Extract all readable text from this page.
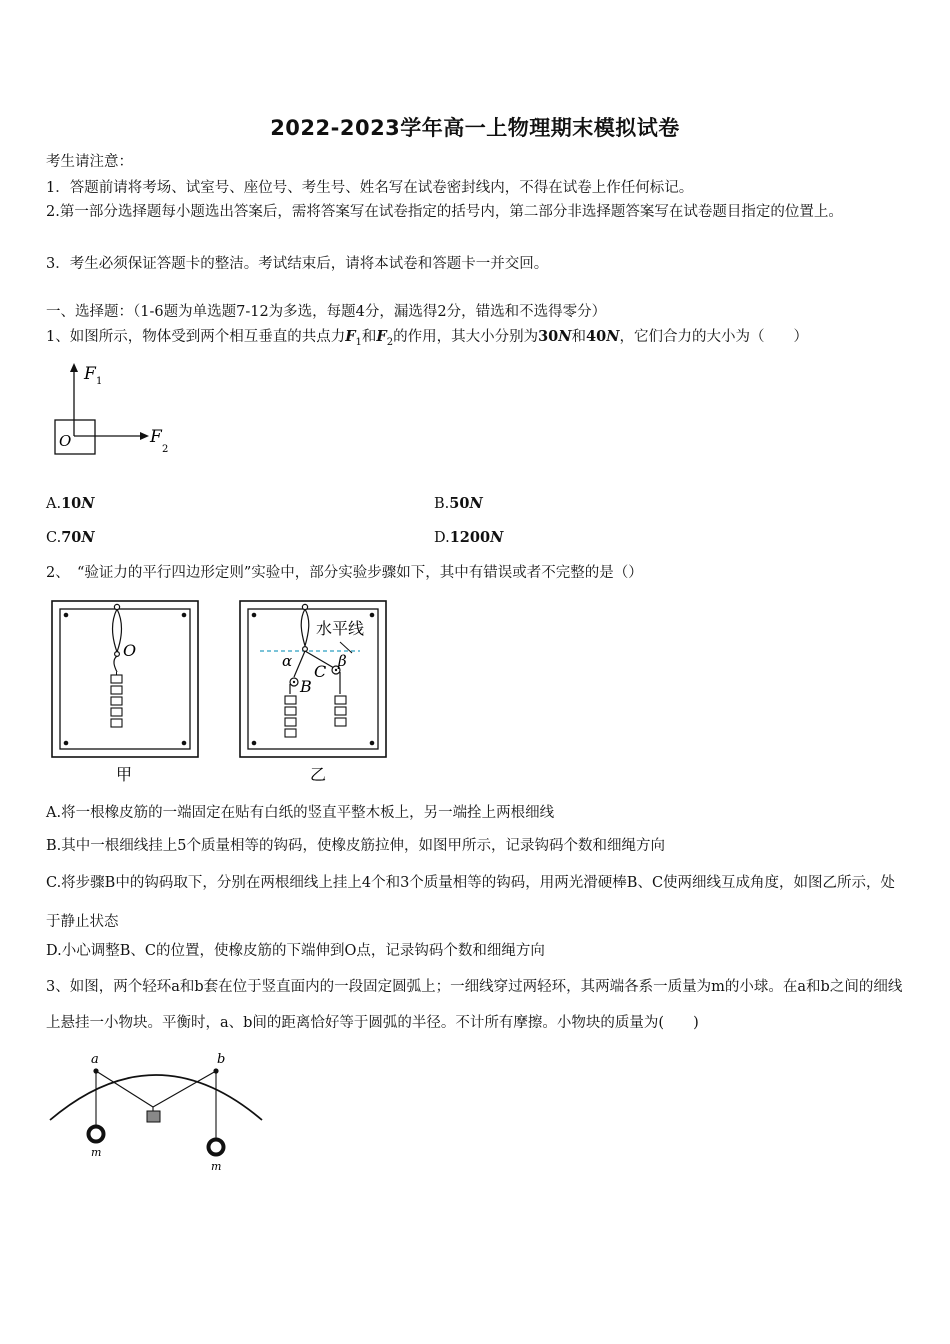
2022-2023学年高一上物理期末模拟试卷
考生请注意：
1．答题前请将考场、试室号、座位号、考生号、姓名写在试卷密封线内，不得在试卷上作任何标记。
2.第一部分选择题每小题选出答案后，需将答案写在试卷指定的括号内，第二部分非选择题答案写在试卷题目指定的位置上。
3．考生必须保证答题卡的整洁。考试结束后，请将本试卷和答题卡一并交回。
一、选择题：（1-6题为单选题7-12为多选，每题4分，漏选得2分，错选和不选得零分）
1、如图所示，物体受到两个相互垂直的共点力$F_1$和$F_2$的作用，其大小分别为30N和40N，它们合力的大小为（　　）
F 1
F
2
O
A.10N	B.50N
C.70N	D.1200N
2、　“验证力的平行四边形定则”实验中，部分实验步骤如下，其中有错误或者不完整的是（）
O
甲
水平线
α	β
B
C
乙
A.将一根橡皮筋的一端固定在贴有白纸的竖直平整木板上，另一端拴上两根细线
B.其中一根细线挂上5个质量相等的钩码，使橡皮筋拉伸，如图甲所示，记录钩码个数和细绳方向
C.将步骤B中的钩码取下，分别在两根细线上挂上4个和3个质量相等的钩码，用两光滑硬棒B、C使两细线互成角度，如图乙所示，处于静止状态
D.小心调整B、C的位置，使橡皮筋的下端伸到O点，记录钩码个数和细绳方向
3、如图，两个轻环a和b套在位于竖直面内的一段固定圆弧上；一细线穿过两轻环，其两端各系一质量为m的小球。在a和b之间的细线上悬挂一小物块。平衡时，a、b间的距离恰好等于圆弧的半径。不计所有摩擦。小物块的质量为(　　)
a	b
m
m
